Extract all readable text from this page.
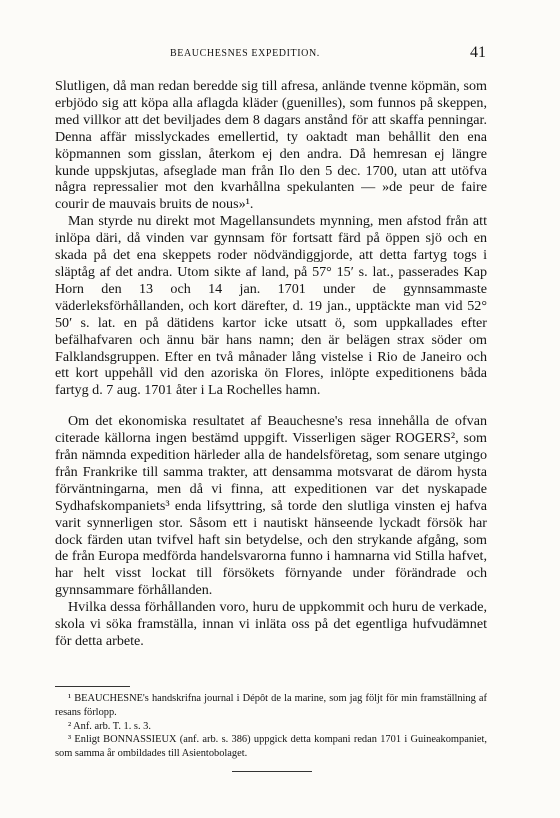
BEAUCHESNES EXPEDITION.	41

Slutligen, då man redan beredde sig till afresa, anlände tvenne köpmän, som erbjödo sig att köpa alla aflagda kläder (guenilles), som funnos på skeppen, med villkor att det beviljades dem 8 dagars anstånd för att skaffa penningar. Denna affär misslyckades emellertid, ty oaktadt man behållit den ena köpmannen som gisslan, återkom ej den andra. Då hemresan ej längre kunde uppskjutas, afseglade man från Ilo den 5 dec. 1700, utan att utöfva några repressalier mot den kvarhållna spekulanten — »de peur de faire courir de mauvais bruits de nous»¹.

Man styrde nu direkt mot Magellansundets mynning, men afstod från att inlöpa däri, då vinden var gynnsam för fortsatt färd på öppen sjö och en skada på det ena skeppets roder nödvändiggjorde, att detta fartyg togs i släptåg af det andra. Utom sikte af land, på 57° 15′ s. lat., passerades Kap Horn den 13 och 14 jan. 1701 under de gynnsammaste väderleksförhållanden, och kort därefter, d. 19 jan., upptäckte man vid 52° 50′ s. lat. en på dätidens kartor icke utsatt ö, som uppkallades efter befälhafvaren och ännu bär hans namn; den är belägen strax söder om Falklandsgruppen. Efter en två månader lång vistelse i Rio de Janeiro och ett kort uppehåll vid den azoriska ön Flores, inlöpte expeditionens båda fartyg d. 7 aug. 1701 åter i La Rochelles hamn.

Om det ekonomiska resultatet af Beauchesne's resa innehålla de ofvan citerade källorna ingen bestämd uppgift. Visserligen säger ROGERS², som från nämnda expedition härleder alla de handelsföretag, som senare utgingo från Frankrike till samma trakter, att densamma motsvarat de därom hysta förväntningarna, men då vi finna, att expeditionen var det nyskapade Sydhafskompaniets³ enda lifsyttring, så torde den slutliga vinsten ej hafva varit synnerligen stor. Såsom ett i nautiskt hänseende lyckadt försök har dock färden utan tvifvel haft sin betydelse, och den strykande afgång, som de från Europa medförda handelsvarorna funno i hamnarna vid Stilla hafvet, har helt visst lockat till försökets förnyande under förändrade och gynnsammare förhållanden.

Hvilka dessa förhållanden voro, huru de uppkommit och huru de verkade, skola vi söka framställa, innan vi inläta oss på det egentliga hufvudämnet för detta arbete.

¹ BEAUCHESNE's handskrifna journal i Dépôt de la marine, som jag följt för min framställning af resans förlopp.
² Anf. arb. T. 1. s. 3.
³ Enligt BONNASSIEUX (anf. arb. s. 386) uppgick detta kompani redan 1701 i Guineakompaniet, som samma år ombildades till Asientobolaget.
